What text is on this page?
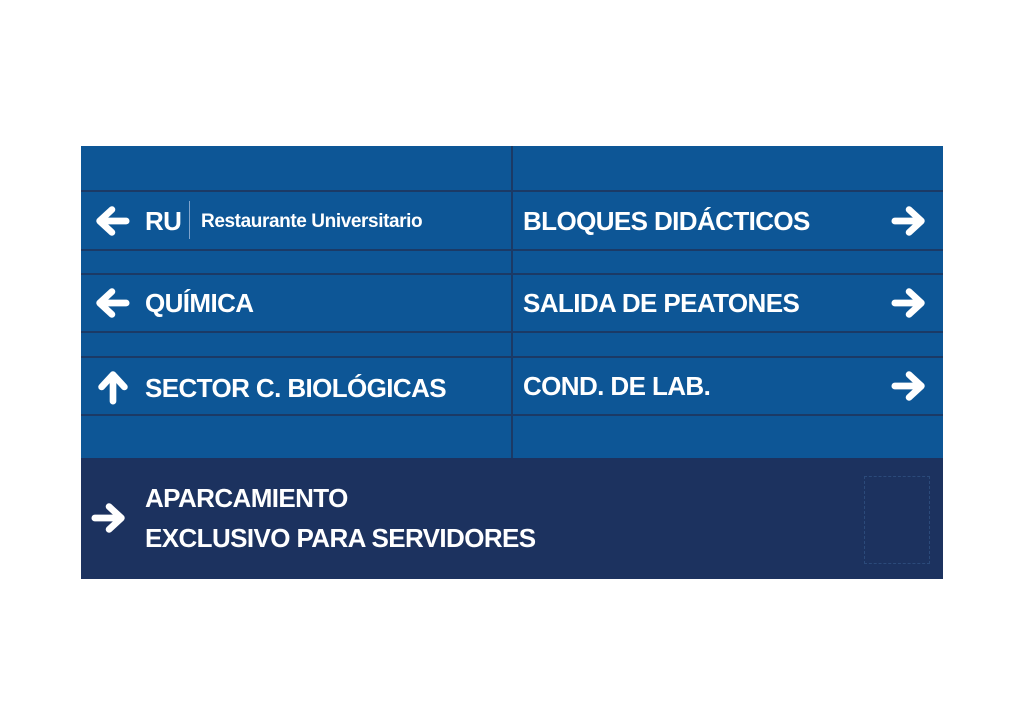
RU Restaurante Universitario	BLOQUES DIDÁCTICOS
QUÍMICA	SALIDA DE PEATONES
SECTOR C. BIOLÓGICAS	COND. DE LAB.
APARCAMIENTO
EXCLUSIVO PARA SERVIDORES
